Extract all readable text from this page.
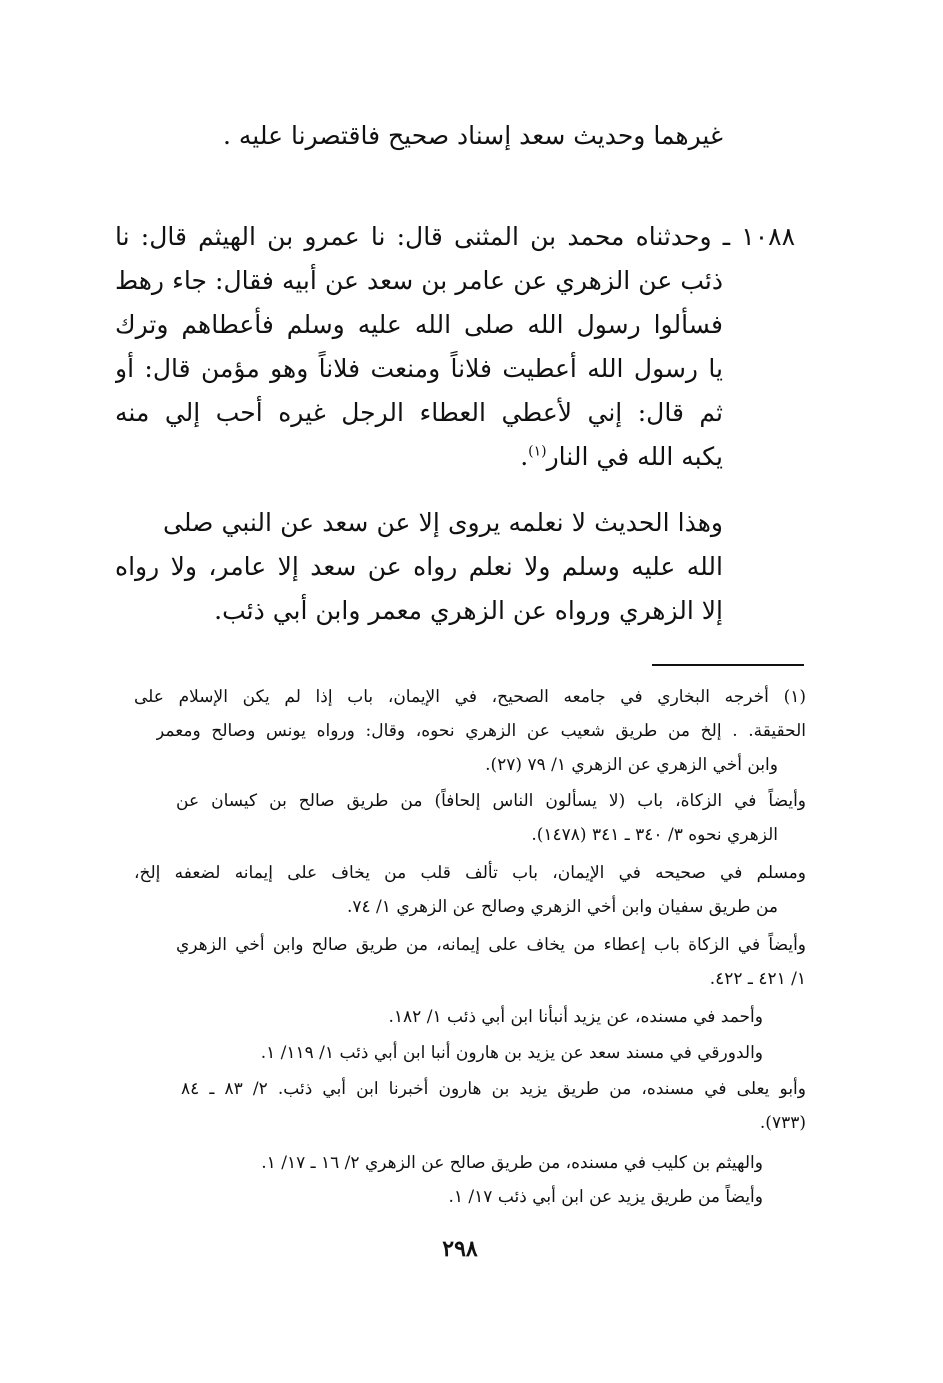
غيرهما وحديث سعد إسناد صحيح فاقتصرنا عليه .
١٠٨٨ ـ وحدثناه محمد بن المثنى قال: نا عمرو بن الهيثم قال: نا
ذئب عن الزهري عن عامر بن سعد عن أبيه فقال: جاء رهط
فسألوا رسول الله صلى الله عليه وسلم فأعطاهم وترك
يا رسول الله أعطيت فلاناً ومنعت فلاناً وهو مؤمن قال: أو
ثم قال: إني لأعطي العطاء الرجل غيره أحب إلي منه
يكبه الله في النار$^{(١)}$.
وهذا الحديث لا نعلمه يروى إلا عن سعد عن النبي صلى
الله عليه وسلم ولا نعلم رواه عن سعد إلا عامر، ولا رواه
إلا الزهري ورواه عن الزهري معمر وابن أبي ذئب.
(١) أخرجه البخاري في جامعه الصحيح، في الإيمان، باب إذا لم يكن الإسلام على
الحقيقة. . إلخ من طريق شعيب عن الزهري نحوه، وقال: ورواه يونس وصالح ومعمر
وابن أخي الزهري عن الزهري ١/ ٧٩ (٢٧).
وأيضاً في الزكاة، باب (لا يسألون الناس إلحافاً) من طريق صالح بن كيسان عن
الزهري نحوه ٣/ ٣٤٠ ـ ٣٤١ (١٤٧٨).
ومسلم في صحيحه في الإيمان، باب تألف قلب من يخاف على إيمانه لضعفه إلخ،
من طريق سفيان وابن أخي الزهري وصالح عن الزهري ١/ ٧٤.
وأيضاً في الزكاة باب إعطاء من يخاف على إيمانه، من طريق صالح وابن أخي الزهري
١/ ٤٢١ ـ ٤٢٢.
وأحمد في مسنده، عن يزيد أنبأنا ابن أبي ذئب ١/ ١٨٢.
والدورقي في مسند سعد عن يزيد بن هارون أنبا ابن أبي ذئب ١/ ١١٩/ ١.
وأبو يعلى في مسنده، من طريق يزيد بن هارون أخبرنا ابن أبي ذئب. ٢/ ٨٣ ـ ٨٤
(٧٣٣).
والهيثم بن كليب في مسنده، من طريق صالح عن الزهري ٢/ ١٦ ـ ١٧/ ١.
وأيضاً من طريق يزيد عن ابن أبي ذئب ١٧/ ١.
٢٩٨
